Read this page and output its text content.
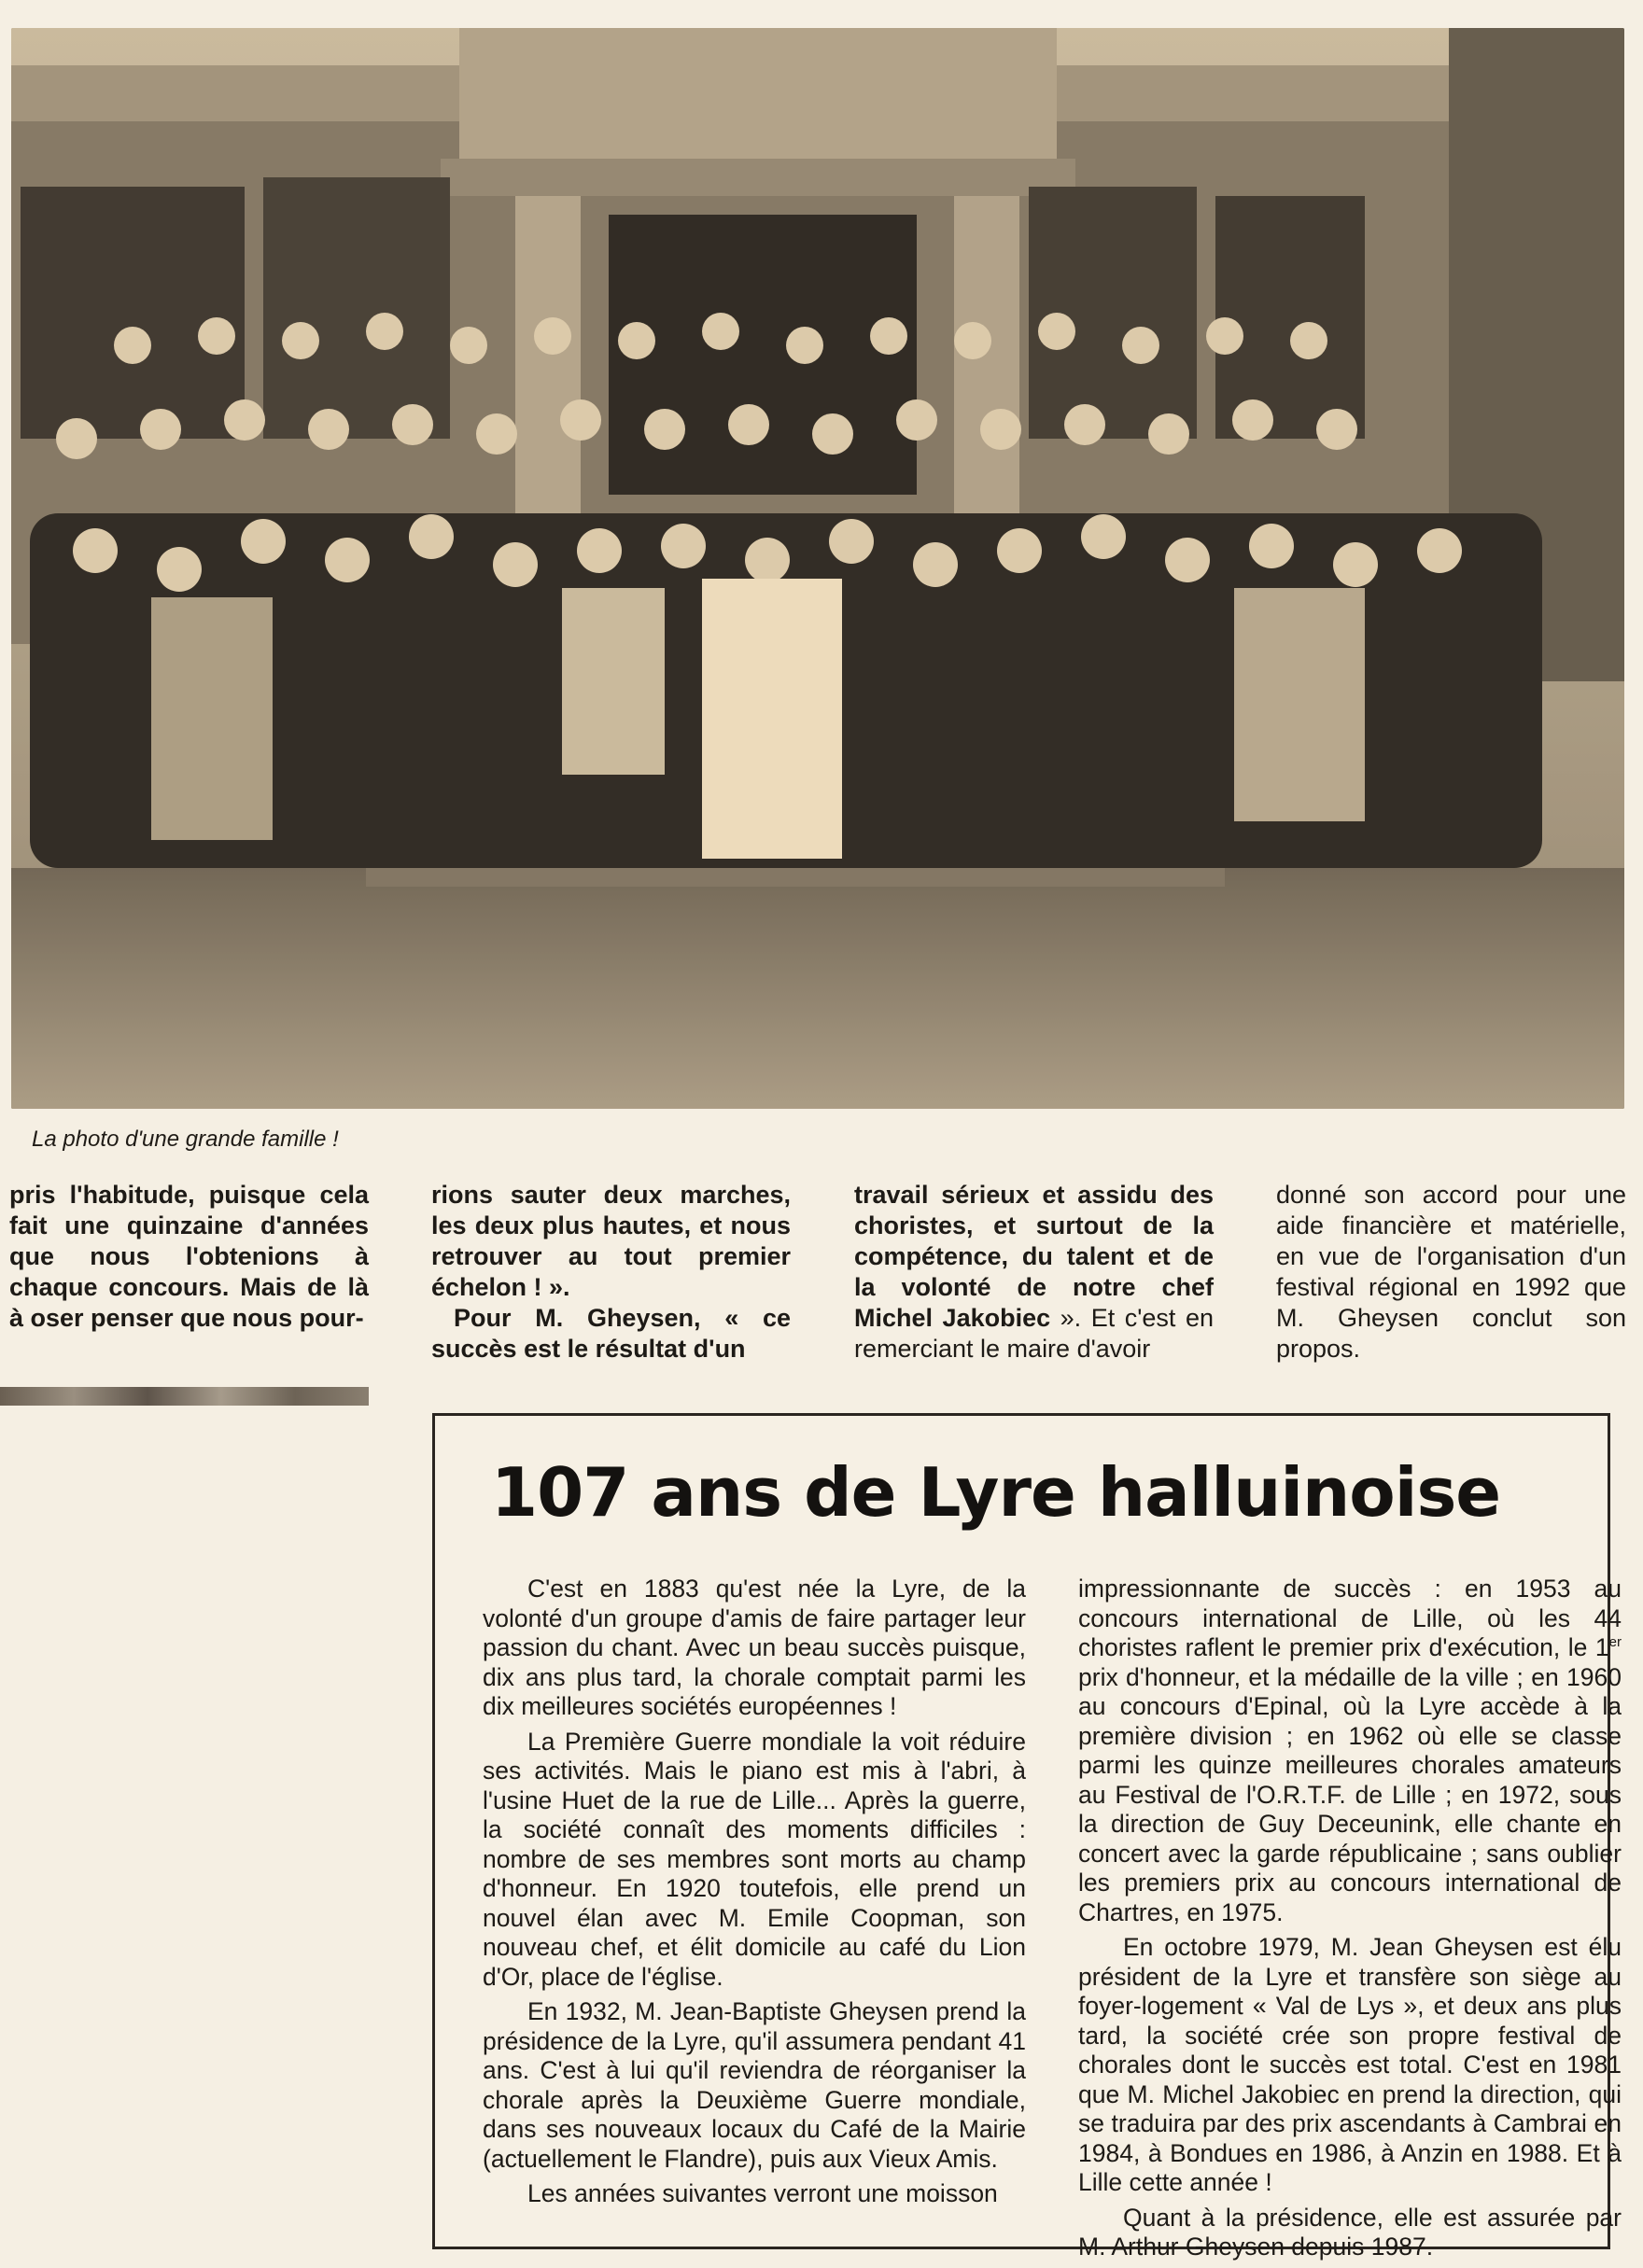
La photo d'une grande famille !

pris l'habitude, puisque cela fait une quinzaine d'années que nous l'obtenions à chaque concours. Mais de là à oser penser que nous pour-

rions sauter deux marches, les deux plus hautes, et nous retrouver au tout premier échelon ! ».

Pour M. Gheysen, « ce succès est le résultat d'un

travail sérieux et assidu des choristes, et surtout de la compétence, du talent et de la volonté de notre chef Michel Jakobiec ». Et c'est en remerciant le maire d'avoir

donné son accord pour une aide financière et matérielle, en vue de l'organisation d'un festival régional en 1992 que M. Gheysen conclut son propos.

107 ans de Lyre halluinoise

C'est en 1883 qu'est née la Lyre, de la volonté d'un groupe d'amis de faire partager leur passion du chant. Avec un beau succès puisque, dix ans plus tard, la chorale comptait parmi les dix meilleures sociétés européennes !

La Première Guerre mondiale la voit réduire ses activités. Mais le piano est mis à l'abri, à l'usine Huet de la rue de Lille... Après la guerre, la société connaît des moments difficiles : nombre de ses membres sont morts au champ d'honneur. En 1920 toutefois, elle prend un nouvel élan avec M. Emile Coopman, son nouveau chef, et élit domicile au café du Lion d'Or, place de l'église.

En 1932, M. Jean-Baptiste Gheysen prend la présidence de la Lyre, qu'il assumera pendant 41 ans. C'est à lui qu'il reviendra de réorganiser la chorale après la Deuxième Guerre mondiale, dans ses nouveaux locaux du Café de la Mairie (actuellement le Flandre), puis aux Vieux Amis.

Les années suivantes verront une moisson

impressionnante de succès : en 1953 au concours international de Lille, où les 44 choristes raflent le premier prix d'exécution, le 1er prix d'honneur, et la médaille de la ville ; en 1960 au concours d'Epinal, où la Lyre accède à la première division ; en 1962 où elle se classe parmi les quinze meilleures chorales amateurs au Festival de l'O.R.T.F. de Lille ; en 1972, sous la direction de Guy Deceunink, elle chante en concert avec la garde républicaine ; sans oublier les premiers prix au concours international de Chartres, en 1975.

En octobre 1979, M. Jean Gheysen est élu président de la Lyre et transfère son siège au foyer-logement « Val de Lys », et deux ans plus tard, la société crée son propre festival de chorales dont le succès est total. C'est en 1981 que M. Michel Jakobiec en prend la direction, qui se traduira par des prix ascendants à Cambrai en 1984, à Bondues en 1986, à Anzin en 1988. Et à Lille cette année !

Quant à la présidence, elle est assurée par M. Arthur Gheysen depuis 1987.
